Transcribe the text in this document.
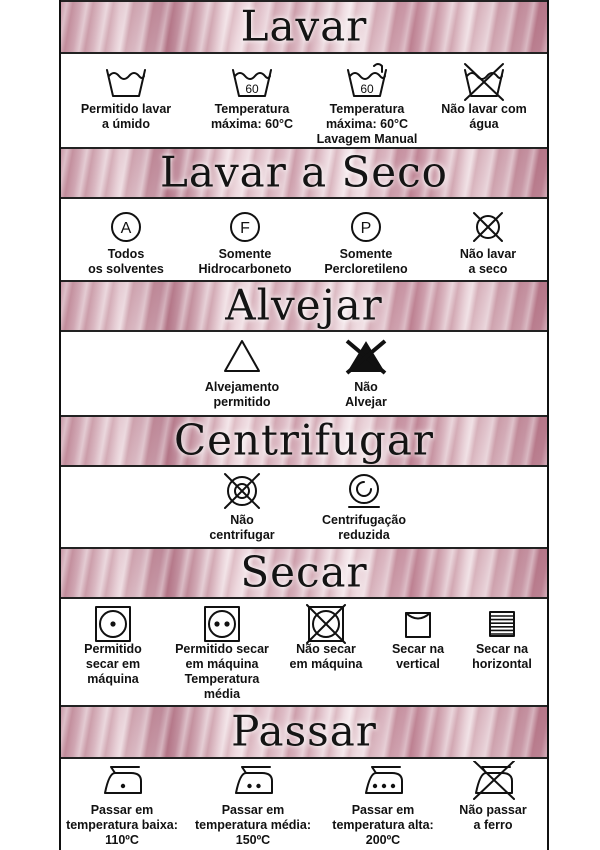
Lavar
Permitido lavar
a úmido
60
Temperatura
máxima: 60°C
60
Temperatura
máxima: 60°C
Lavagem Manual
Não lavar com
água
Lavar a Seco
A
Todos
os solventes
F
Somente
Hidrocarboneto
P
Somente
Percloretileno
Não lavar
a seco
Alvejar
Alvejamento
permitido
Não
Alvejar
Centrifugar
Não
centrifugar
Centrifugação
reduzida
Secar
Permitido
secar em
máquina
Permitido secar
em máquina
Temperatura
média
Não secar
em máquina
Secar na
vertical
Secar na
horizontal
Passar
Passar em
temperatura baixa:
110ºC
Passar em
temperatura média:
150ºC
Passar em
temperatura alta:
200ºC
Não passar
a ferro
